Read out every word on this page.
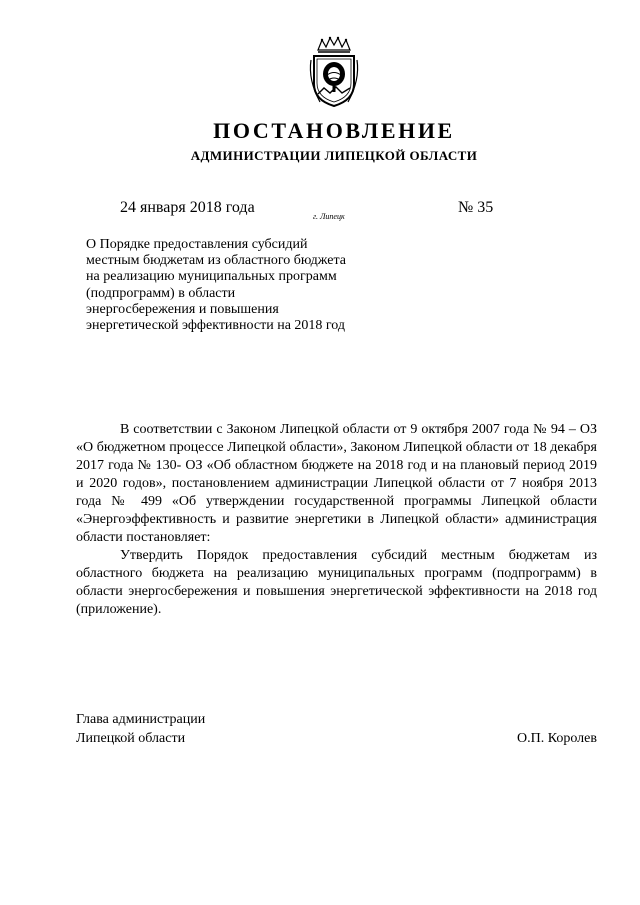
ПОСТАНОВЛЕНИЕ
АДМИНИСТРАЦИИ ЛИПЕЦКОЙ ОБЛАСТИ
24 января 2018 года
г. Липецк
№ 35
О Порядке предоставления субсидий местным бюджетам из областного бюджета на реализацию муниципальных программ (подпрограмм) в области энергосбережения и повышения энергетической эффективности на 2018 год

В соответствии с Законом Липецкой области от 9 октября 2007 года № 94 – ОЗ «О бюджетном процессе Липецкой области», Законом Липецкой области от 18 декабря 2017 года № 130- ОЗ «Об областном бюджете на 2018 год и на плановый период 2019 и 2020 годов», постановлением администрации Липецкой области от 7 ноября 2013 года № 499 «Об утверждении государственной программы Липецкой области «Энергоэффективность и развитие энергетики в Липецкой области» администрация области постановляет:

Утвердить Порядок предоставления субсидий местным бюджетам из областного бюджета на реализацию муниципальных программ (подпрограмм) в области энергосбережения и повышения энергетической эффективности на 2018 год (приложение).

Глава администрации
Липецкой области	О.П. Королев
